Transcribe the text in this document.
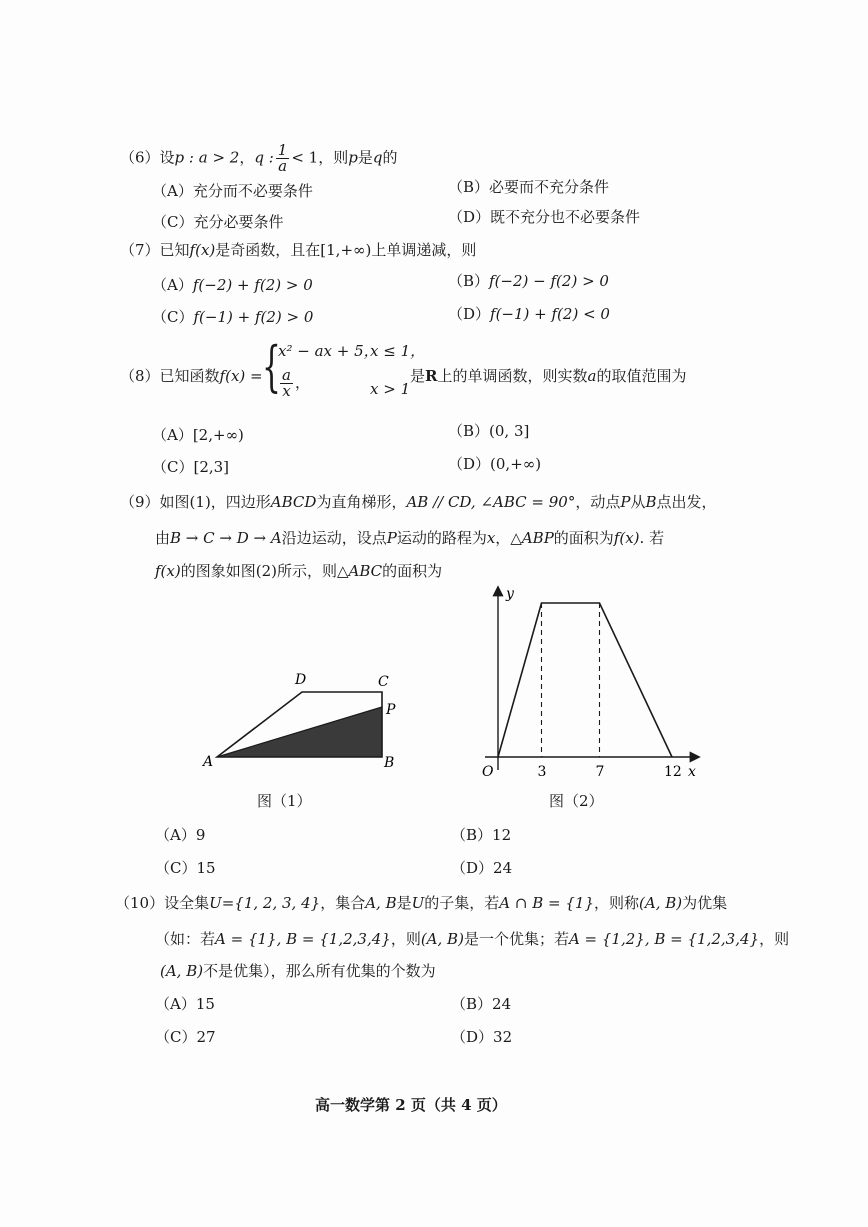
（6）设p : a > 2，q : $\frac{1}{a} < 1$，则p是q的
（A）充分而不必要条件	（B）必要而不充分条件
（C）充分必要条件	（D）既不充分也不必要条件
（7）已知f(x)是奇函数，且在[1,+∞)上单调递减，则
（A）f(−2) + f(2) > 0	（B）f(−2) − f(2) > 0
（C）f(−1) + f(2) > 0	（D）f(−1) + f(2) < 0
（8）已知函数f(x) = {
x² − ax + 5，
x ≤ 1，
$\frac{a}{x}$ ，	x > 1
是R上的单调函数，则实数a的取值范围为
（A）[2,+∞)	（B）(0, 3]
（C）[2,3]	（D）(0,+∞)
（9）如图(1)，四边形ABCD为直角梯形，AB // CD, ∠ABC = 90°，动点P从B点出发，
由B → C → D → A沿边运动，设点P运动的路程为x，△ABP的面积为f(x). 若
f(x)的图象如图(2)所示，则△ABC的面积为
A	B
C
D
P
图（1）
3	7	12
O	x
y
图（2）
（A）9	（B）12
（C）15	（D）24
（10）设全集U={1, 2, 3, 4}，集合A, B是U的子集，若A ∩ B = {1}，则称(A, B)为优集
（如：若A = {1}, B = {1,2,3,4}，则(A, B)是一个优集；若A = {1,2}, B = {1,2,3,4}，则
(A, B)不是优集），那么所有优集的个数为
（A）15	（B）24
（C）27	（D）32
高一数学第 2 页（共 4 页）
